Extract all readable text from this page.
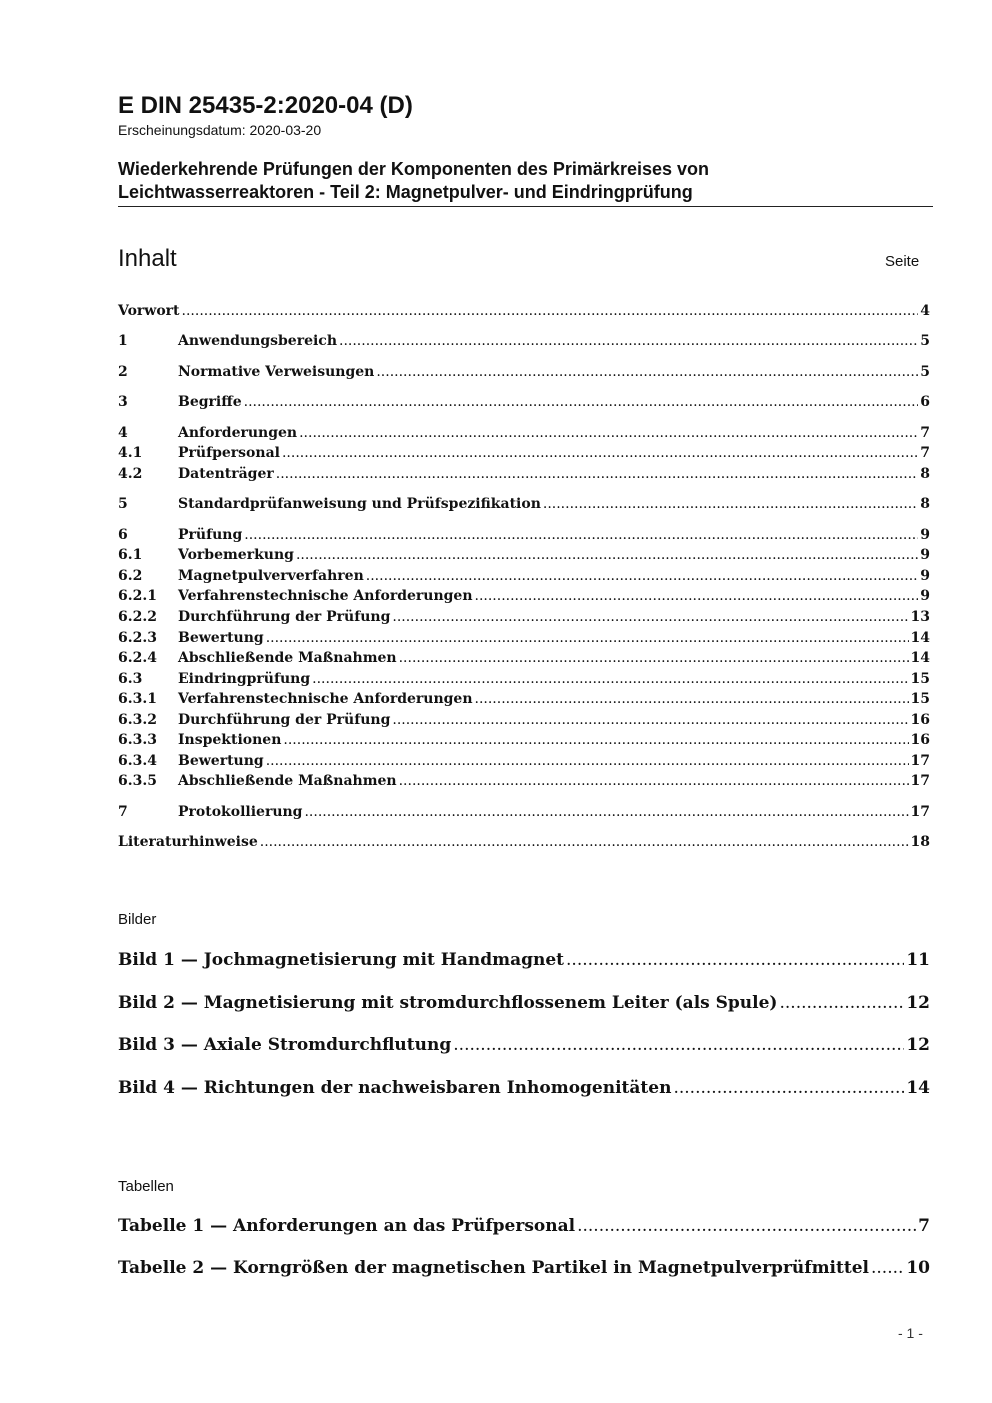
E DIN 25435-2:2020-04 (D)
Erscheinungsdatum: 2020-03-20
Wiederkehrende Prüfungen der Komponenten des Primärkreises von
Leichtwasserreaktoren - Teil 2: Magnetpulver- und Eindringprüfung
Inhalt	Seite
Vorwort .....	4
1	Anwendungsbereich .....	5
2	Normative Verweisungen .....	5
3	Begriffe .....	6
4	Anforderungen .....	7
4.1	Prüfpersonal .....	7
4.2	Datenträger .....	8
5	Standardprüfanweisung und Prüfspezifikation .....	8
6	Prüfung .....	9
6.1	Vorbemerkung .....	9
6.2	Magnetpulververfahren .....	9
6.2.1	Verfahrenstechnische Anforderungen .....	9
6.2.2	Durchführung der Prüfung .....	13
6.2.3	Bewertung .....	14
6.2.4	Abschließende Maßnahmen .....	14
6.3	Eindringprüfung .....	15
6.3.1	Verfahrenstechnische Anforderungen .....	15
6.3.2	Durchführung der Prüfung .....	16
6.3.3	Inspektionen .....	16
6.3.4	Bewertung .....	17
6.3.5	Abschließende Maßnahmen .....	17
7	Protokollierung .....	17
Literaturhinweise .....	18
Bilder
Bild 1 — Jochmagnetisierung mit Handmagnet .....	11
Bild 2 — Magnetisierung mit stromdurchflossenem Leiter (als Spule) .....	12
Bild 3 — Axiale Stromdurchflutung .....	12
Bild 4 — Richtungen der nachweisbaren Inhomogenitäten .....	14
Tabellen
Tabelle 1 — Anforderungen an das Prüfpersonal .....	7
Tabelle 2 — Korngrößen der magnetischen Partikel in Magnetpulverprüfmittel ..... 10
- 1 -
